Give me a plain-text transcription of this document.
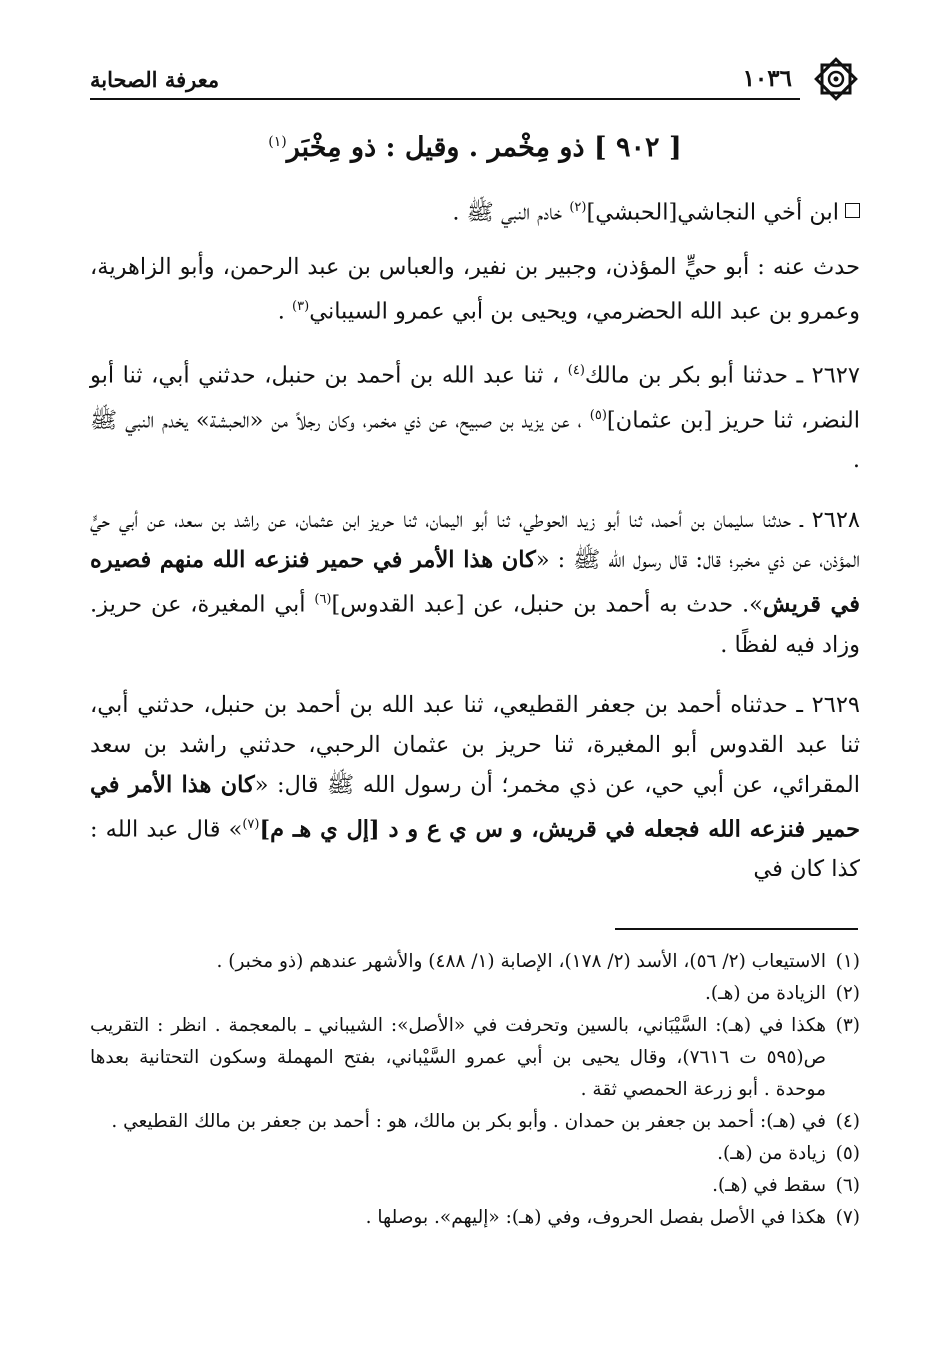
١٠٣٦
معرفة الصحابة
[ ٩٠٢ ] ذو مِخْمر . وقيل : ذو مِخْبَر$^{(١)}$

ابن أخي النجاشي[الحبشي]$^{(٢)}$ خادم النبي ﷺ .

حدث عنه : أبو حيٍّ المؤذن، وجبير بن نفير، والعباس بن عبد الرحمن، وأبو الزاهرية، وعمرو بن عبد الله الحضرمي، ويحيى بن أبي عمرو السيباني$^{(٣)}$ .

٢٦٢٧ ـ حدثنا أبو بكر بن مالك$^{(٤)}$ ، ثنا عبد الله بن أحمد بن حنبل، حدثني أبي، ثنا أبو النضر، ثنا حريز [بن عثمان]$^{(٥)}$ ، عن يزيد بن صبيح، عن ذي مخمر، وكان رجلاً من «الحبشة» يخدم النبي ﷺ .

٢٦٢٨ ـ حدثنا سليمان بن أحمد، ثنا أبو زيد الحوطي، ثنا أبو اليمان، ثنا حريز ابن عثمان، عن راشد بن سعد، عن أبي حيٍّ المؤذن، عن ذي مخبر؛ قال: قال رسول الله ﷺ : «كان هذا الأمر في حمير فنزعه الله منهم فصيره في قريش». حدث به أحمد بن حنبل، عن [عبد القدوس]$^{(٦)}$ أبي المغيرة، عن حريز. وزاد فيه لفظًا .

٢٦٢٩ ـ حدثناه أحمد بن جعفر القطيعي، ثنا عبد الله بن أحمد بن حنبل، حدثني أبي، ثنا عبد القدوس أبو المغيرة، ثنا حريز بن عثمان الرحبي، حدثني راشد بن سعد المقرائي، عن أبي حي، عن ذي مخمر؛ أن رسول الله ﷺ قال: «كان هذا الأمر في حمير فنزعه الله فجعله في قريش، و س ي ع و د [إل ي هـ م]$^{(٧)}$» قال عبد الله : كذا كان في

(١)
الاستيعاب (٢/ ٥٦)، الأسد (٢/ ١٧٨)، الإصابة (١/ ٤٨٨) والأشهر عندهم (ذو مخبر) .
(٢)
الزيادة من (هـ).
(٣)
هكذا في (هـ): السَّيْبَاني، بالسين وتحرفت في «الأصل»: الشيباني ـ بالمعجمة . انظر : التقريب ص(٥٩٥ ت ٧٦١٦)، وقال يحيى بن أبي عمرو السَّيْباني، بفتح المهملة وسكون التحتانية بعدها موحدة . أبو زرعة الحمصي ثقة .
(٤)
في (هـ): أحمد بن جعفر بن حمدان . وأبو بكر بن مالك، هو : أحمد بن جعفر بن مالك القطيعي .
(٥)
زيادة من (هـ).
(٦)
سقط في (هـ).
(٧)
هكذا في الأصل بفصل الحروف، وفي (هـ): «إليهم». بوصلها .
